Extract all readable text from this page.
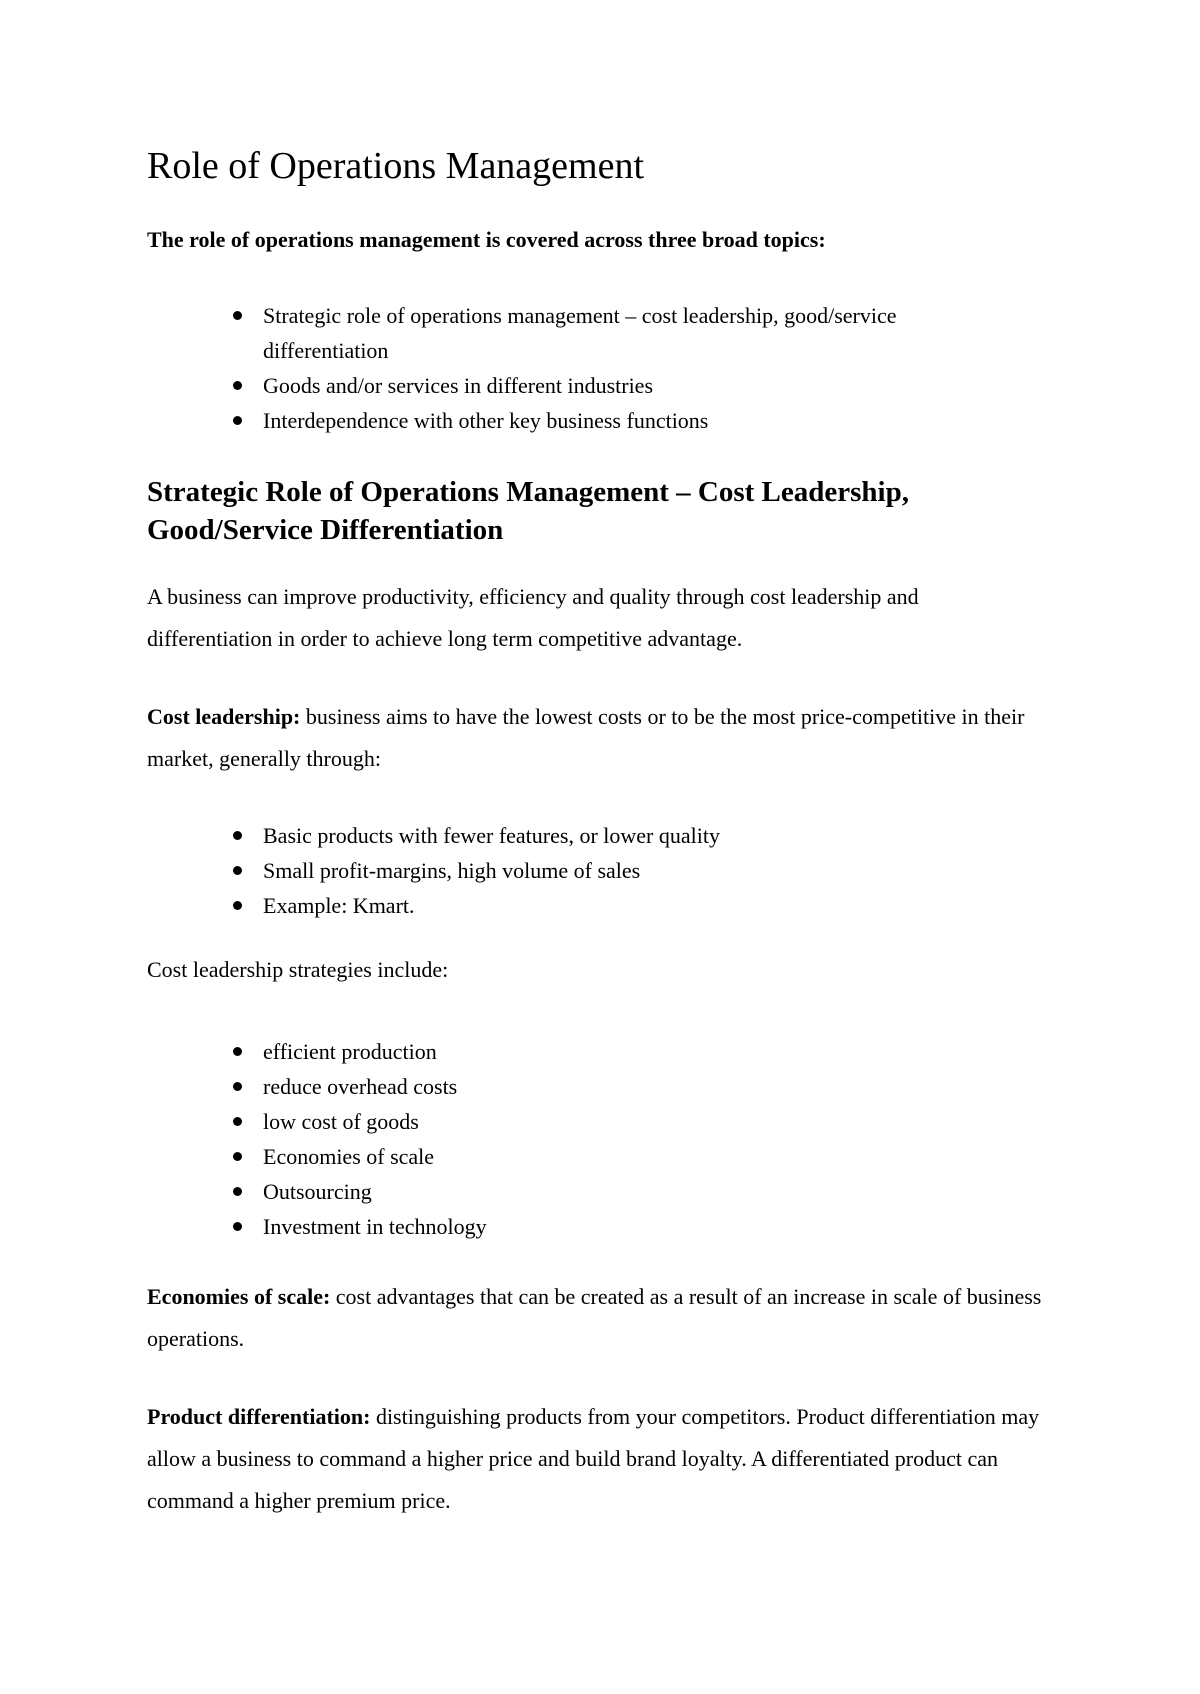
Role of Operations Management

The role of operations management is covered across three broad topics:

Strategic role of operations management – cost leadership, good/service differentiation
Goods and/or services in different industries
Interdependence with other key business functions
Strategic Role of Operations Management – Cost Leadership, Good/Service Differentiation

A business can improve productivity, efficiency and quality through cost leadership and differentiation in order to achieve long term competitive advantage.

Cost leadership: business aims to have the lowest costs or to be the most price-competitive in their market, generally through:

Basic products with fewer features, or lower quality
Small profit-margins, high volume of sales
Example: Kmart.

Cost leadership strategies include:

efficient production
reduce overhead costs
low cost of goods
Economies of scale
Outsourcing
Investment in technology

Economies of scale: cost advantages that can be created as a result of an increase in scale of business operations.

Product differentiation: distinguishing products from your competitors. Product differentiation may allow a business to command a higher price and build brand loyalty. A differentiated product can command a higher premium price.
